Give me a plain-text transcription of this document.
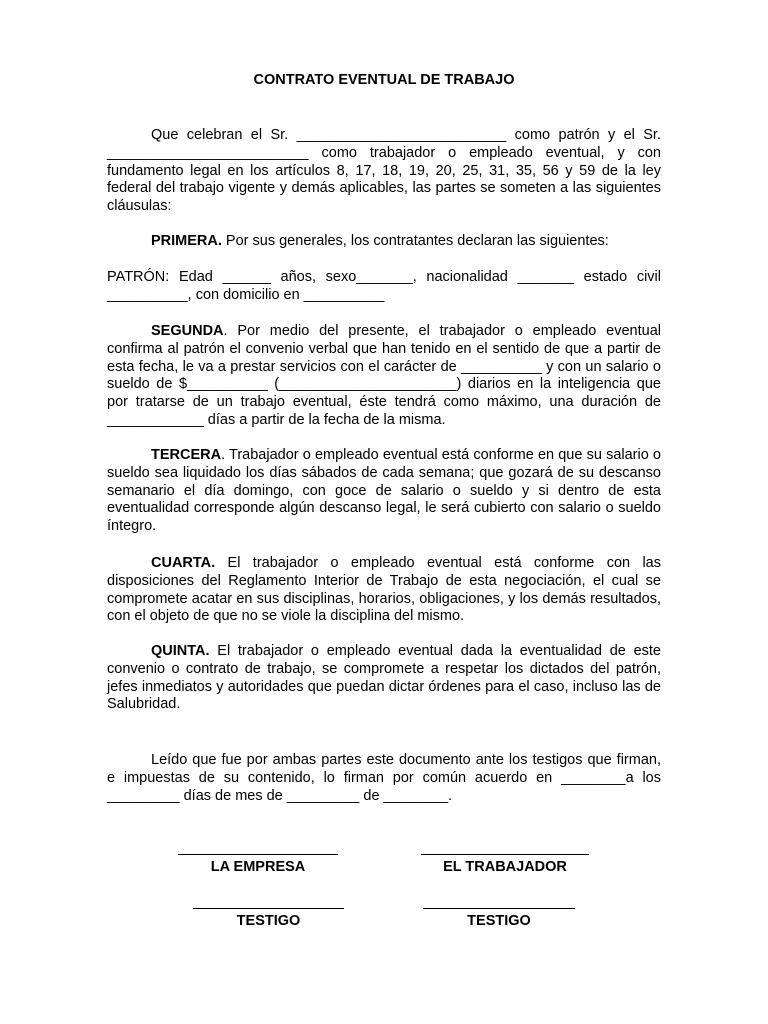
CONTRATO EVENTUAL DE TRABAJO

Que celebran el Sr. __________________________ como patrón y el Sr. _________________________ como trabajador o empleado eventual, y con fundamento legal en los artículos 8, 17, 18, 19, 20, 25, 31, 35, 56 y 59 de la ley federal del trabajo vigente y demás aplicables, las partes se someten a las siguientes cláusulas:

PRIMERA. Por sus generales, los contratantes declaran las siguientes:

PATRÓN: Edad ______ años, sexo_______, nacionalidad _______ estado civil __________, con domicilio en __________

SEGUNDA. Por medio del presente, el trabajador o empleado eventual confirma al patrón el convenio verbal que han tenido en el sentido de que a partir de esta fecha, le va a prestar servicios con el carácter de __________ y con un salario o sueldo de $__________ (______________________) diarios en la inteligencia que por tratarse de un trabajo eventual, éste tendrá como máximo, una duración de ____________ días a partir de la fecha de la misma.

TERCERA. Trabajador o empleado eventual está conforme en que su salario o sueldo sea liquidado los días sábados de cada semana; que gozará de su descanso semanario el día domingo, con goce de salario o sueldo y si dentro de esta eventualidad corresponde algún descanso legal, le será cubierto con salario o sueldo íntegro.

CUARTA. El trabajador o empleado eventual está conforme con las disposiciones del Reglamento Interior de Trabajo de esta negociación, el cual se compromete acatar en sus disciplinas, horarios, obligaciones, y los demás resultados, con el objeto de que no se viole la disciplina del mismo.

QUINTA. El trabajador o empleado eventual dada la eventualidad de este convenio o contrato de trabajo, se compromete a respetar los dictados del patrón, jefes inmediatos y autoridades que puedan dictar órdenes para el caso, incluso las de Salubridad.

Leído que fue por ambas partes este documento ante los testigos que firman, e impuestas de su contenido, lo firman por común acuerdo en ________a los _________ días de mes de _________ de ________.

LA EMPRESA	EL TRABAJADOR
TESTIGO	TESTIGO
